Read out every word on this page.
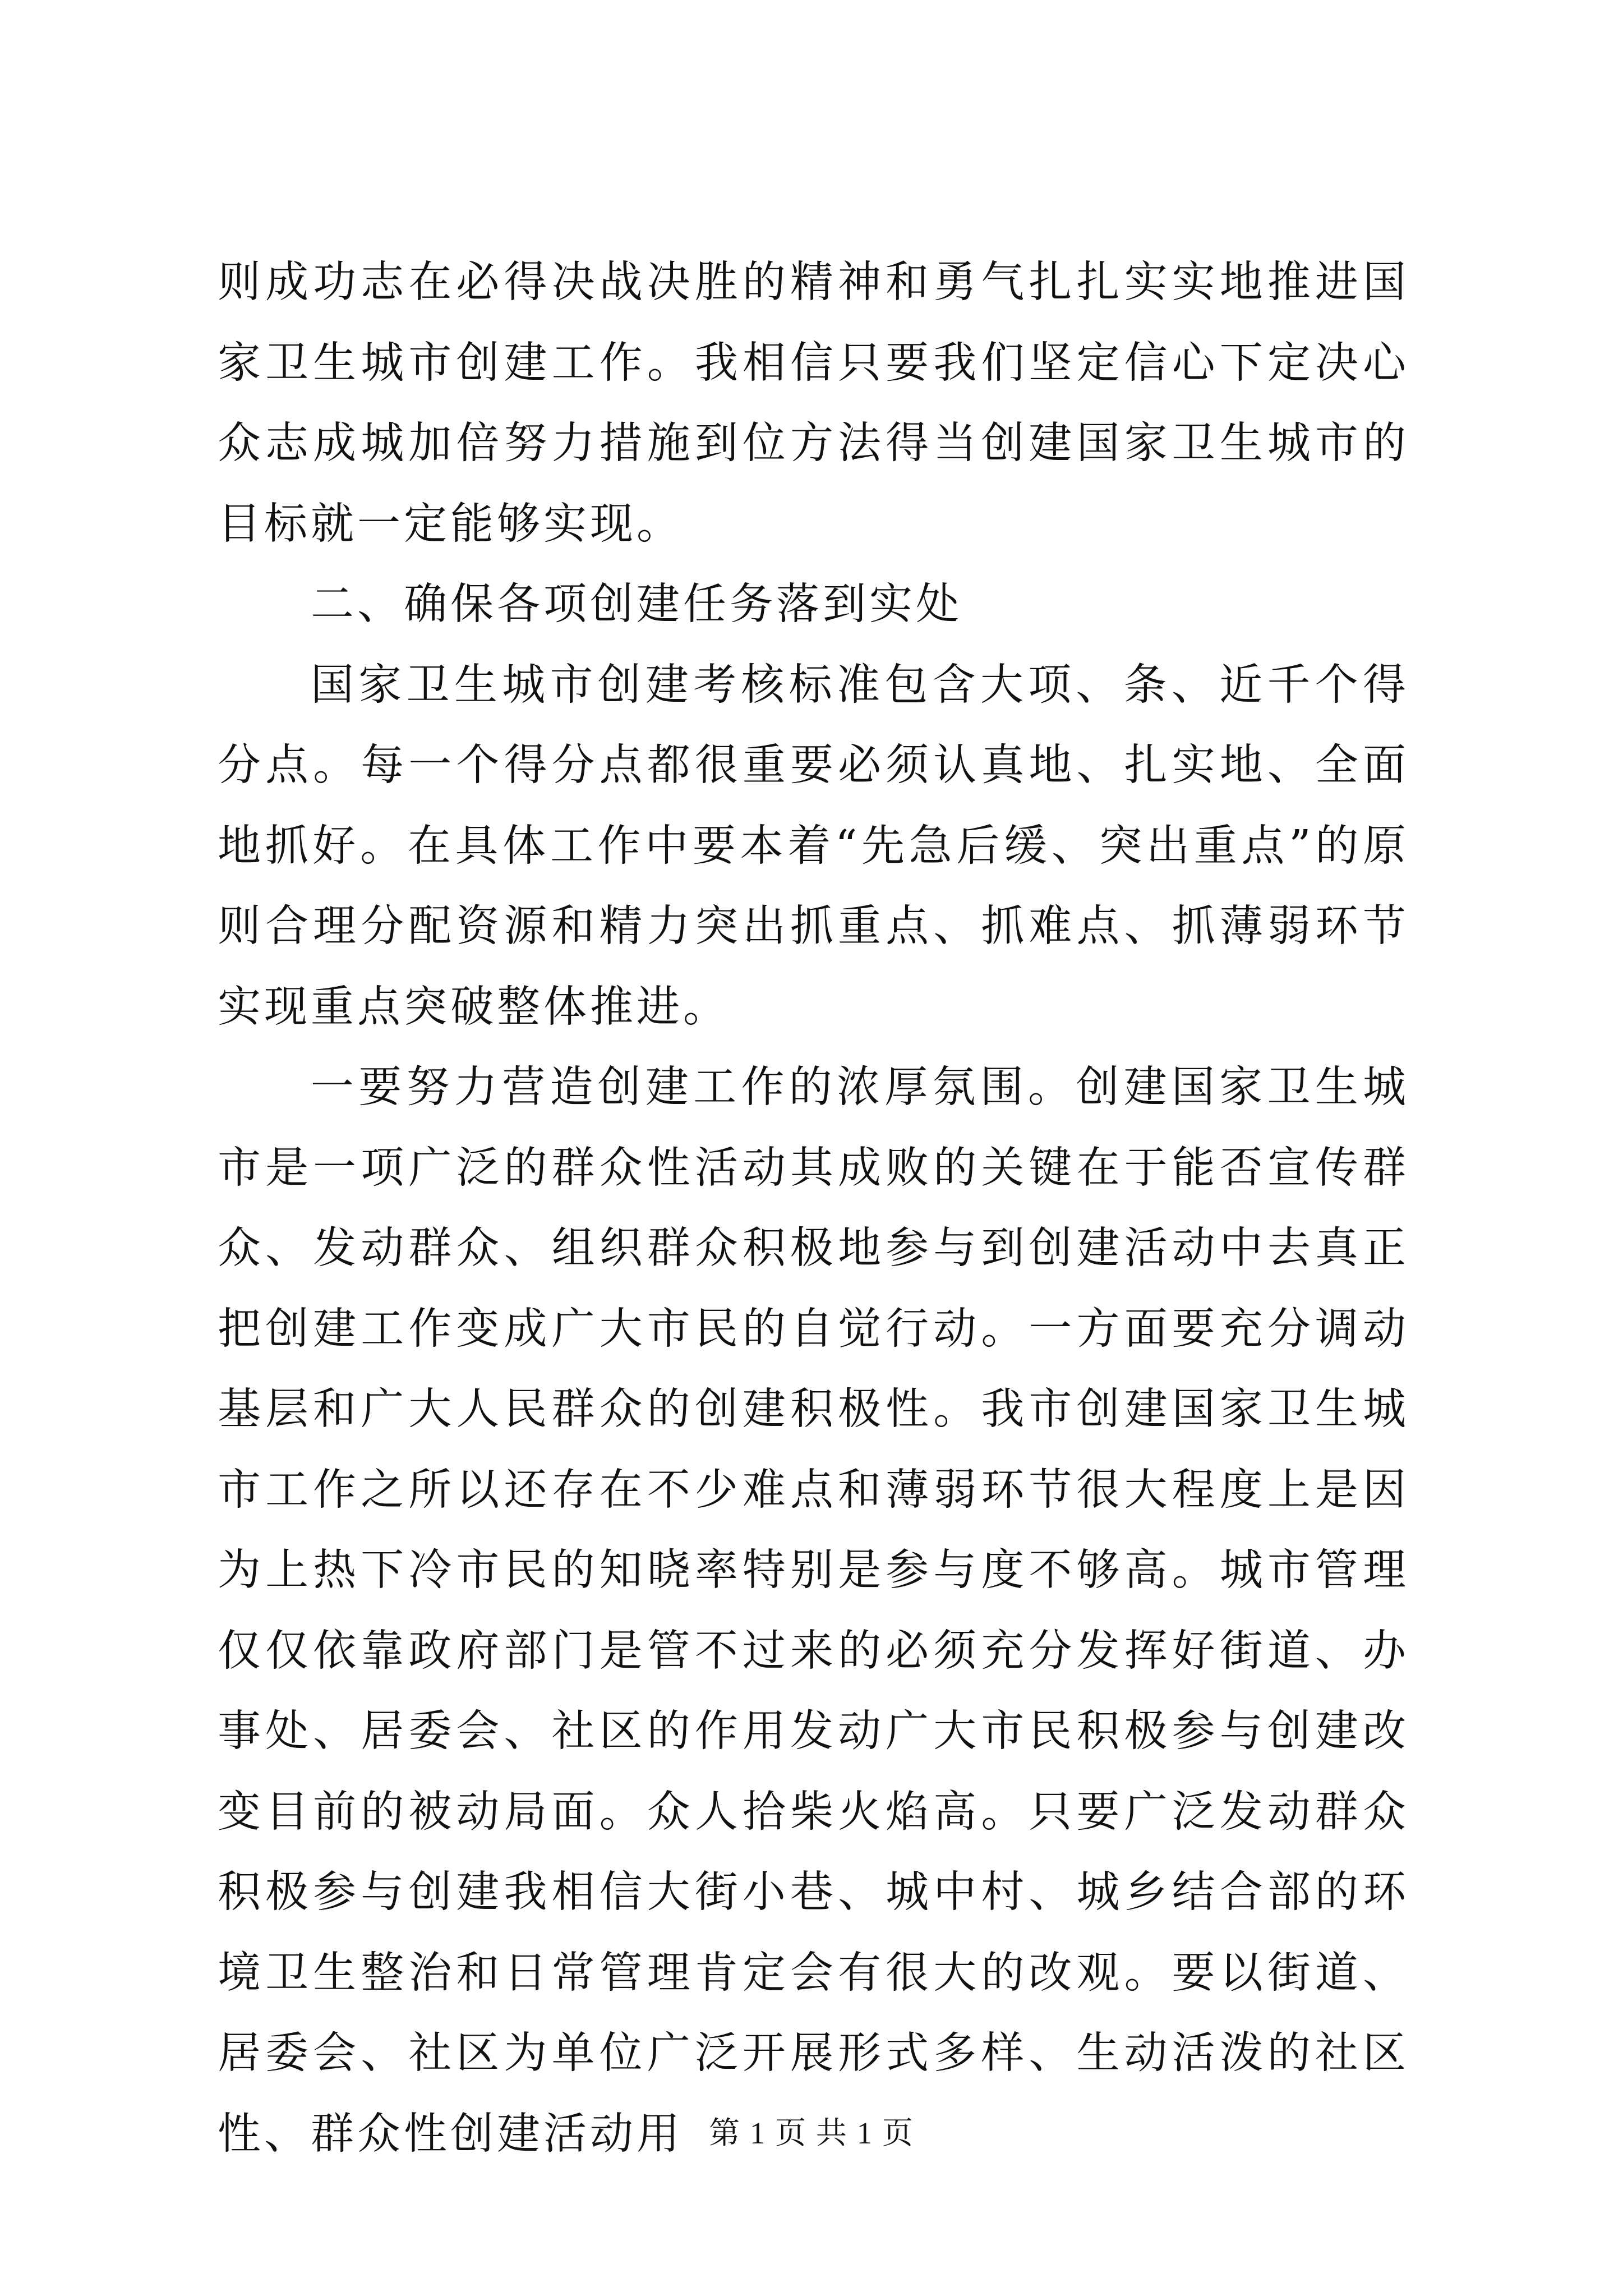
则成功志在必得决战决胜的精神和勇气扎扎实实地推进国家卫生城市创建工作。我相信只要我们坚定信心下定决心众志成城加倍努力措施到位方法得当创建国家卫生城市的目标就一定能够实现。

二、确保各项创建任务落到实处

国家卫生城市创建考核标准包含大项、条、近千个得分点。每一个得分点都很重要必须认真地、扎实地、全面地抓好。在具体工作中要本着“先急后缓、突出重点”的原则合理分配资源和精力突出抓重点、抓难点、抓薄弱环节实现重点突破整体推进。

一要努力营造创建工作的浓厚氛围。创建国家卫生城市是一项广泛的群众性活动其成败的关键在于能否宣传群众、发动群众、组织群众积极地参与到创建活动中去真正把创建工作变成广大市民的自觉行动。一方面要充分调动基层和广大人民群众的创建积极性。我市创建国家卫生城市工作之所以还存在不少难点和薄弱环节很大程度上是因为上热下冷市民的知晓率特别是参与度不够高。城市管理仅仅依靠政府部门是管不过来的必须充分发挥好街道、办事处、居委会、社区的作用发动广大市民积极参与创建改变目前的被动局面。众人拾柴火焰高。只要广泛发动群众积极参与创建我相信大街小巷、城中村、城乡结合部的环境卫生整治和日常管理肯定会有很大的改观。要以街道、居委会、社区为单位广泛开展形式多样、生动活泼的社区性、群众性创建活动用 第 1 页 共 1 页
